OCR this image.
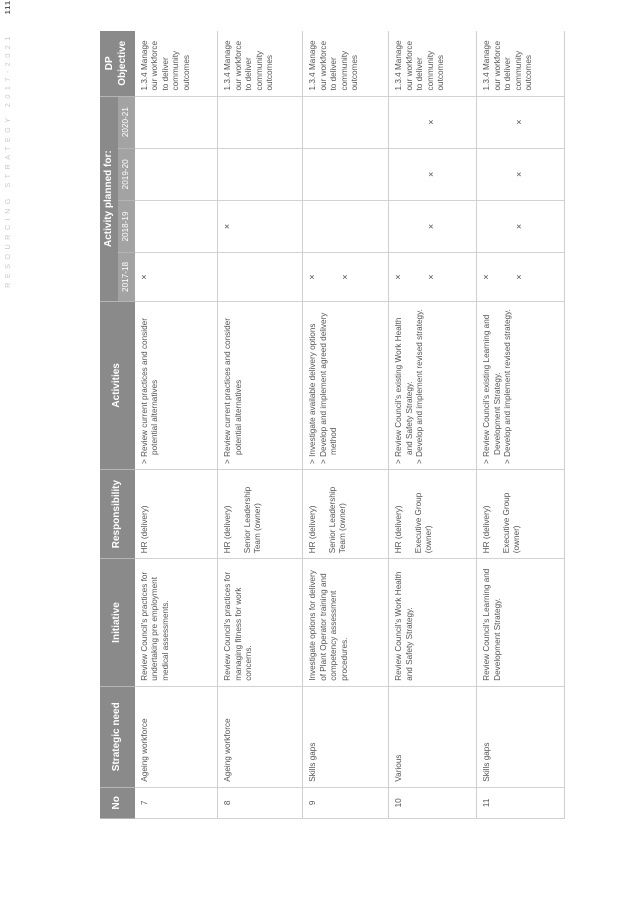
RESOURCING STRATEGY 2017-2021111
No	Strategic need	Initiative	Responsibility	Activities	Activity planned for:				DP Objective
					2017-18	2018-19	2019-20	2020-21	
7	Ageing workforce	Review Council's practices for undertaking pre employment medical assessments.	HR (delivery)	> Review current practices and consider potential alternatives	×				1.3.4 Manage our workforce to deliver community outcomes
8	Ageing workforce	Review Council's practices for managing fitness for work concerns.	HR (delivery) Senior Leadership Team (owner)	> Review current practices and consider potential alternatives		×			1.3.4 Manage our workforce to deliver community outcomes
9	Skills gaps	Investigate options for delivery of Plant Operator training and competency assessment procedures.	HR (delivery) Senior Leadership Team (owner)	> Investigate available delivery options > Develop and implement agreed delivery method	× ×				1.3.4 Manage our workforce to deliver community outcomes
10	Various	Review Council's Work Health and Safety Strategy.	HR (delivery) Executive Group (owner)	> Review Council's existing Work Health and Safety Strategy. > Develop and implement revised strategy.	× ×	×	×	×	1.3.4 Manage our workforce to deliver community outcomes
11	Skills gaps	Review Council's Learning and Development Strategy.	HR (delivery) Executive Group (owner)	> Review Council's existing Learning and Development Strategy. > Develop and implement revised strategy.	× ×	×	×	×	1.3.4 Manage our workforce to deliver community outcomes
